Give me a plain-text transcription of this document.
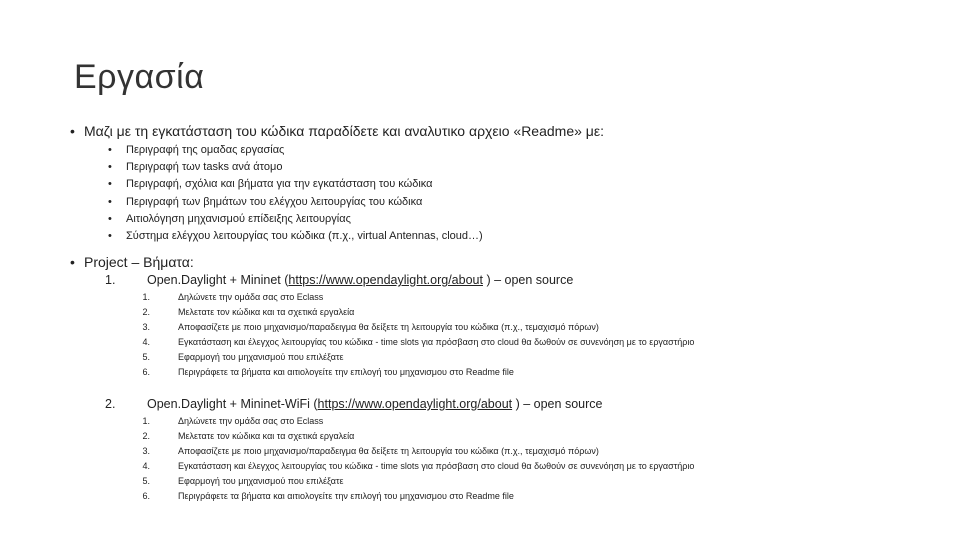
Εργασία
• Μαζι με τη εγκατάσταση του κώδικα παραδίδετε και αναλυτικο αρχειο «Readme» με:
• Περιγραφή της ομαδας εργασίας
• Περιγραφή των tasks ανά άτομο
• Περιγραφή, σχόλια και βήματα για την εγκατάσταση του κώδικα
• Περιγραφή των βημάτων του ελέγχου λειτουργίας του κώδικα
• Αιτιολόγηση μηχανισμού επίδειξης λειτουργίας
• Σύστημα ελέγχου λειτουργίας του κώδικα (π.χ., virtual Antennas, cloud…)
• Project – Βήματα:
1.	Open.Daylight + Mininet (https://www.opendaylight.org/about ) – open source
1.	Δηλώνετε την ομάδα σας στο Eclass
2.	Μελετατε τον κώδικα και τα σχετικά εργαλεία
3.	Αποφασίζετε με ποιο μηχανισμο/παραδειγμα θα δείξετε τη λειτουργία του κώδικα (π.χ., τεμαχισμό πόρων)
4.	Εγκατάσταση και έλεγχος λειτουργίας του κώδικα - time slots για πρόσβαση στο cloud θα δωθούν σε συνενόηση με το εργαστήριο
5.	Εφαρμογή του μηχανισμού που επιλέξατε
6.	Περιγράφετε τα βήματα και αιτιολογείτε την επιλογή του μηχανισμου στο Readme file
2.	Open.Daylight + Mininet-WiFi (https://www.opendaylight.org/about ) – open source
1.	Δηλώνετε την ομάδα σας στο Eclass
2.	Μελετατε τον κώδικα και τα σχετικά εργαλεία
3.	Αποφασίζετε με ποιο μηχανισμο/παραδειγμα θα δείξετε τη λειτουργία του κώδικα (π.χ., τεμαχισμό πόρων)
4.	Εγκατάσταση και έλεγχος λειτουργίας του κώδικα - time slots για πρόσβαση στο cloud θα δωθούν σε συνενόηση με το εργαστήριο
5.	Εφαρμογή του μηχανισμού που επιλέξατε
6.	Περιγράφετε τα βήματα και αιτιολογείτε την επιλογή του μηχανισμου στο Readme file
